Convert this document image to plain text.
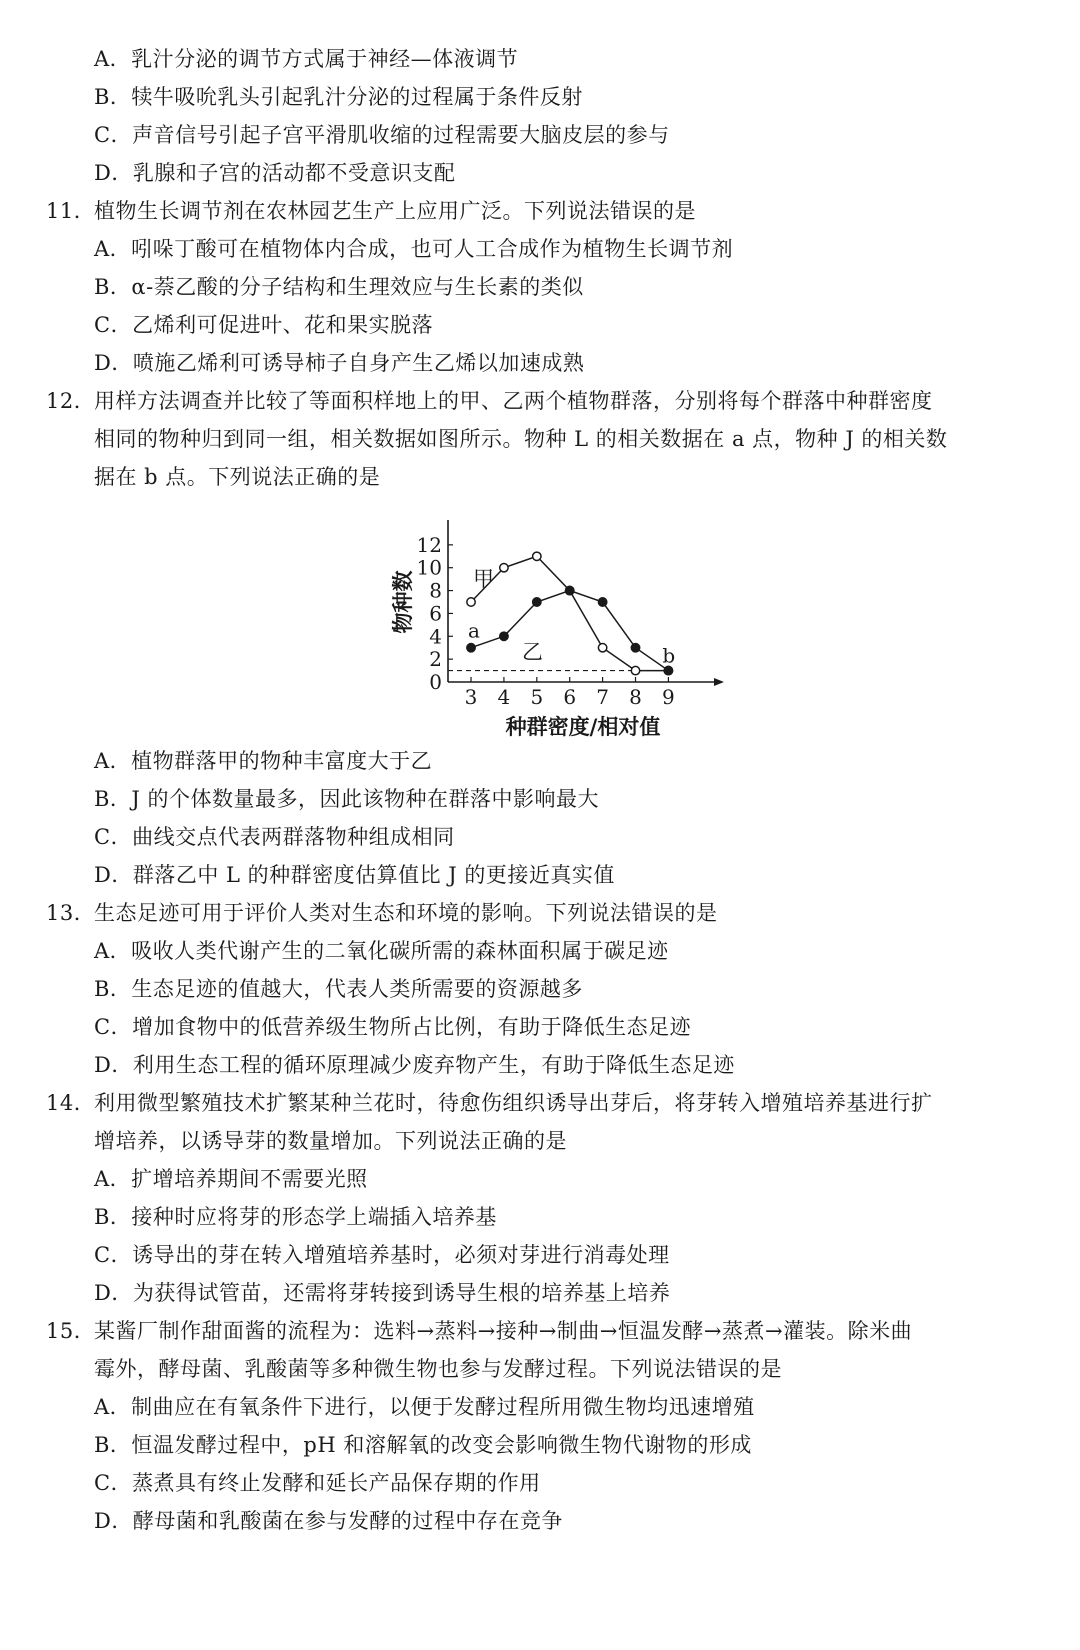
A．乳汁分泌的调节方式属于神经—体液调节
B．犊牛吸吮乳头引起乳汁分泌的过程属于条件反射
C．声音信号引起子宫平滑肌收缩的过程需要大脑皮层的参与
D．乳腺和子宫的活动都不受意识支配
11．植物生长调节剂在农林园艺生产上应用广泛。下列说法错误的是
A．吲哚丁酸可在植物体内合成，也可人工合成作为植物生长调节剂
B．α-萘乙酸的分子结构和生理效应与生长素的类似
C．乙烯利可促进叶、花和果实脱落
D．喷施乙烯利可诱导柿子自身产生乙烯以加速成熟
12．用样方法调查并比较了等面积样地上的甲、乙两个植物群落，分别将每个群落中种群密度
相同的物种归到同一组，相关数据如图所示。物种 L 的相关数据在 a 点，物种 J 的相关数
据在 b 点。下列说法正确的是
0
2
4
6
8
10
12
3 4 5 6 7 8 9
种群密度/相对值
物种数	甲
乙
a
b
A．植物群落甲的物种丰富度大于乙
B．J 的个体数量最多，因此该物种在群落中影响最大
C．曲线交点代表两群落物种组成相同
D．群落乙中 L 的种群密度估算值比 J 的更接近真实值
13．生态足迹可用于评价人类对生态和环境的影响。下列说法错误的是
A．吸收人类代谢产生的二氧化碳所需的森林面积属于碳足迹
B．生态足迹的值越大，代表人类所需要的资源越多
C．增加食物中的低营养级生物所占比例，有助于降低生态足迹
D．利用生态工程的循环原理减少废弃物产生，有助于降低生态足迹
14．利用微型繁殖技术扩繁某种兰花时，待愈伤组织诱导出芽后，将芽转入增殖培养基进行扩
增培养，以诱导芽的数量增加。下列说法正确的是
A．扩增培养期间不需要光照
B．接种时应将芽的形态学上端插入培养基
C．诱导出的芽在转入增殖培养基时，必须对芽进行消毒处理
D．为获得试管苗，还需将芽转接到诱导生根的培养基上培养
15．某酱厂制作甜面酱的流程为：选料→蒸料→接种→制曲→恒温发酵→蒸煮→灌装。除米曲
霉外，酵母菌、乳酸菌等多种微生物也参与发酵过程。下列说法错误的是
A．制曲应在有氧条件下进行，以便于发酵过程所用微生物均迅速增殖
B．恒温发酵过程中，pH 和溶解氧的改变会影响微生物代谢物的形成
C．蒸煮具有终止发酵和延长产品保存期的作用
D．酵母菌和乳酸菌在参与发酵的过程中存在竞争
